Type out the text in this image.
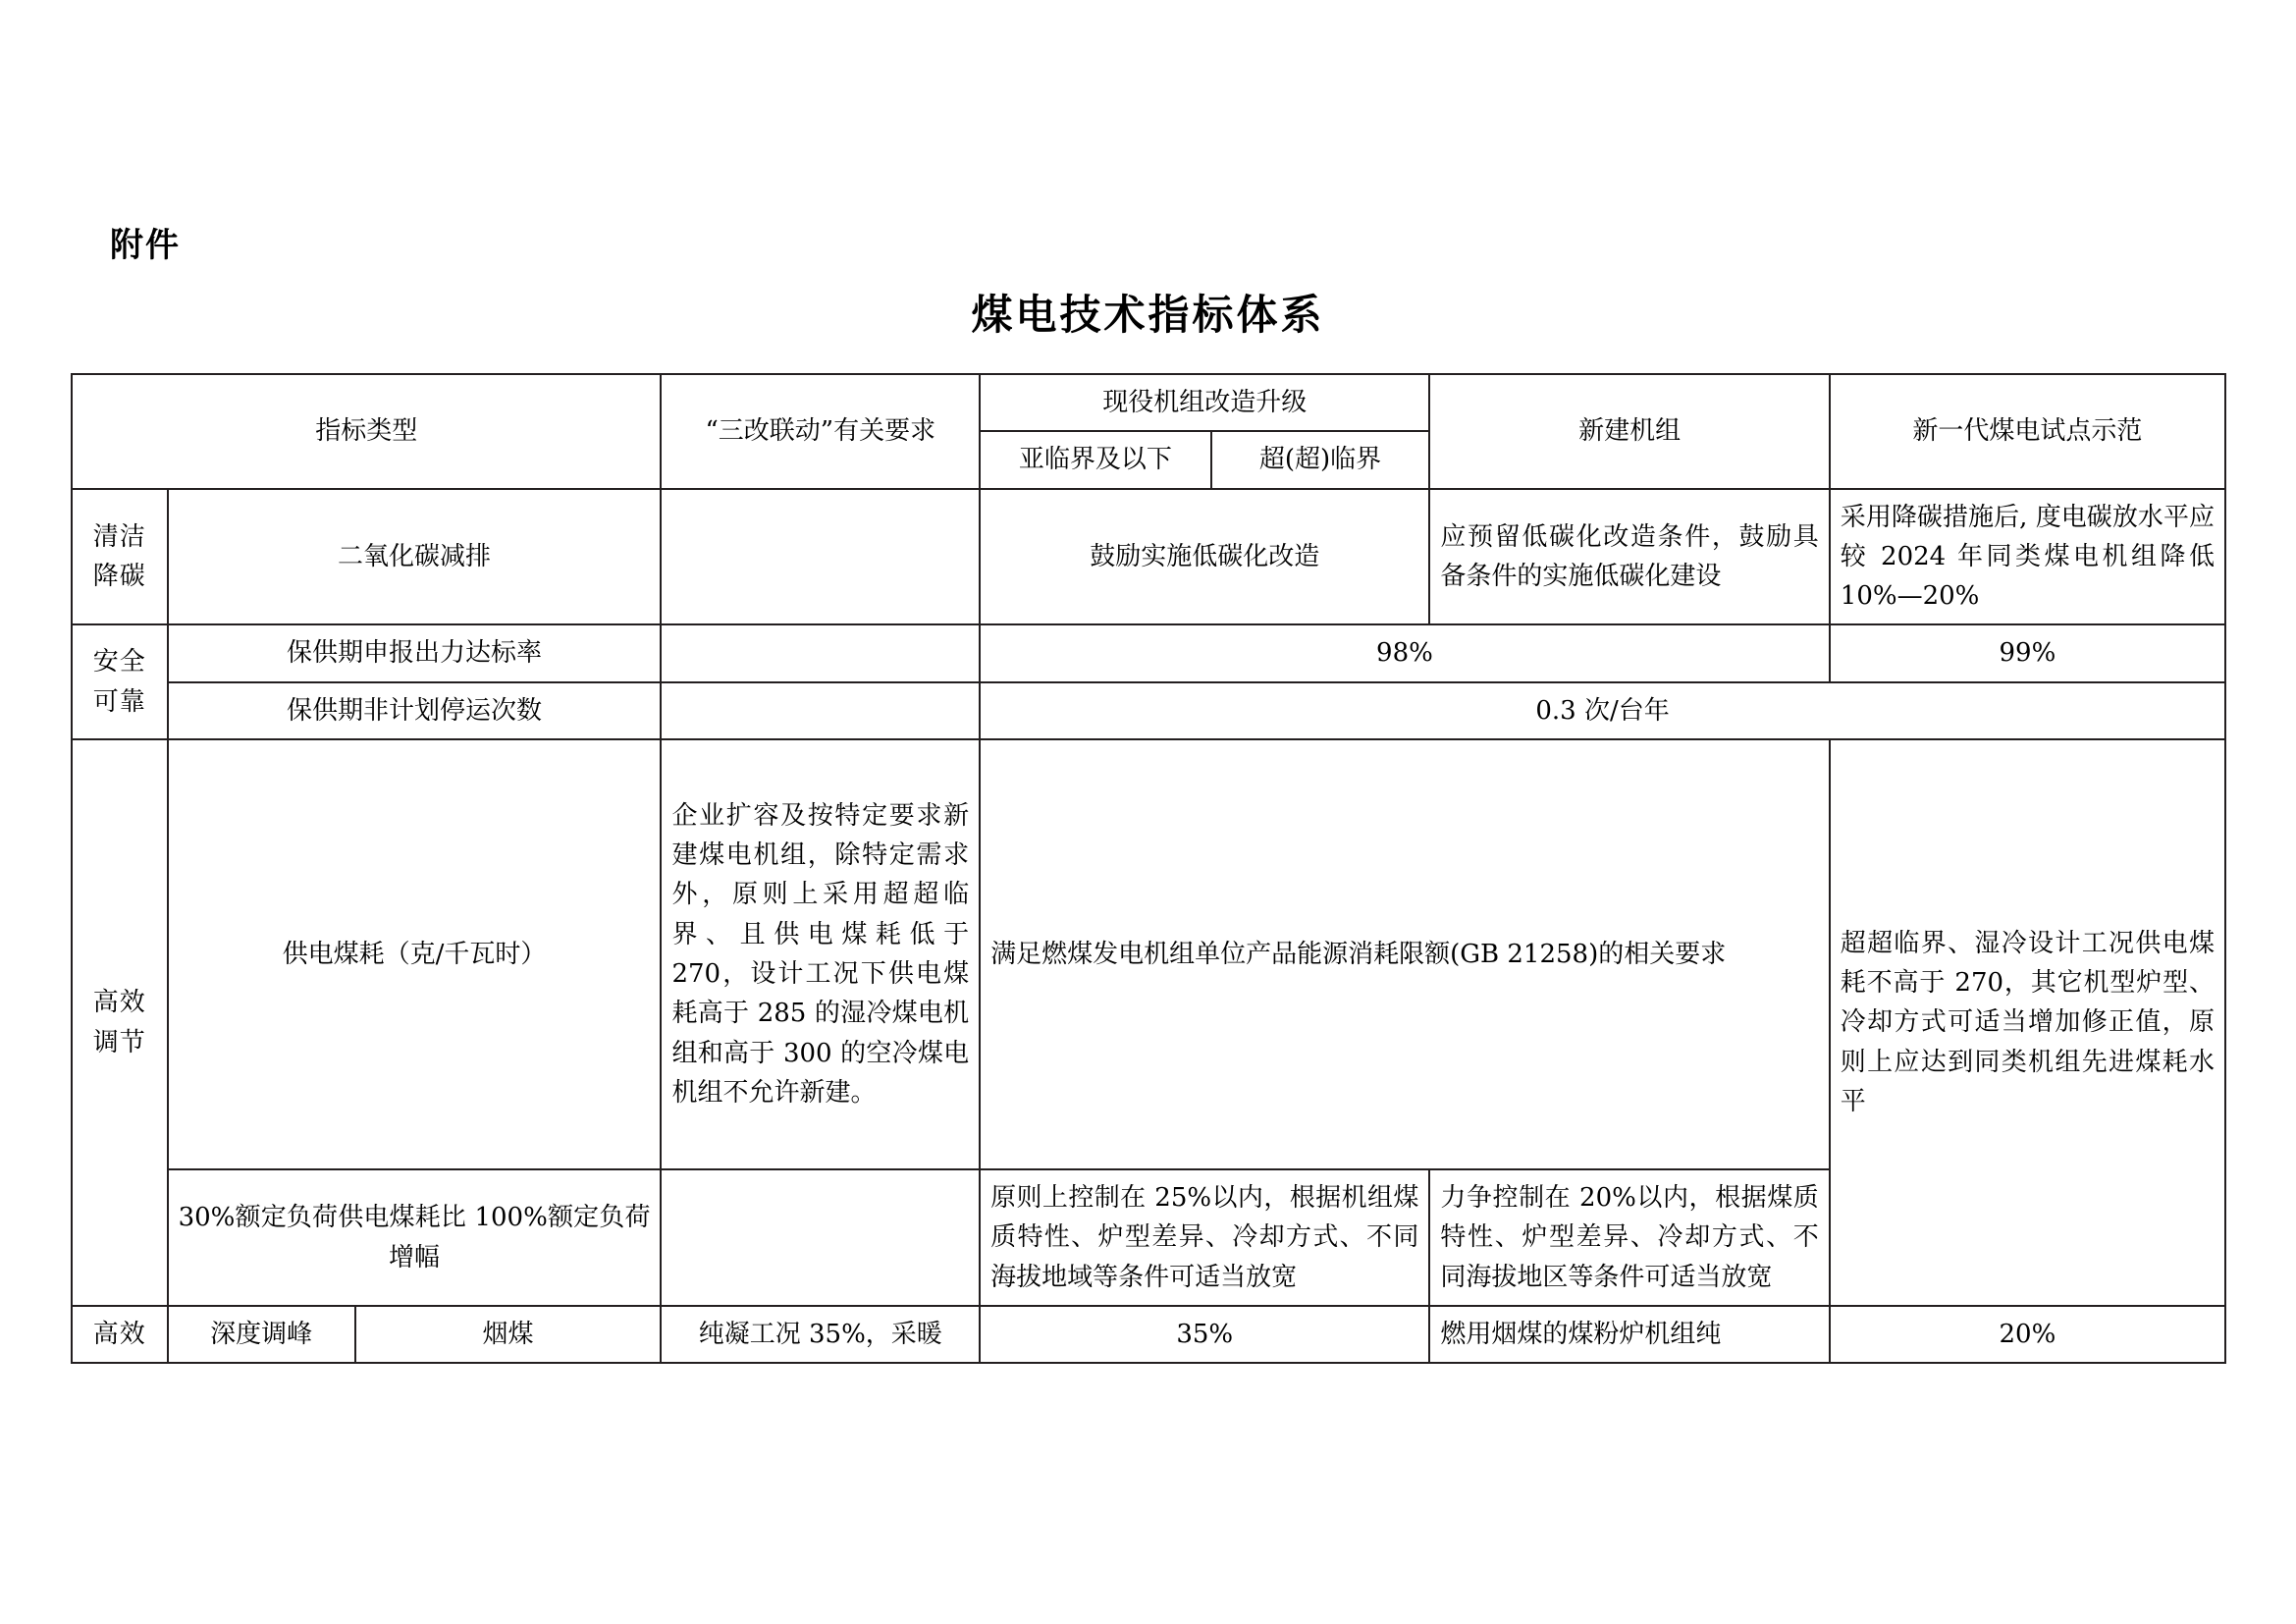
附件
煤电技术指标体系
指标类型			“三改联动”有关要求	现役机组改造升级		新建机组	新一代煤电试点示范
				亚临界及以下	超(超)临界		
清洁降碳	二氧化碳减排			鼓励实施低碳化改造		应预留低碳化改造条件，鼓励具备条件的实施低碳化建设	采用降碳措施后, 度电碳放水平应较 2024 年同类煤电机组降低 10%—20%
安全可靠	保供期申报出力达标率			98%			99%
	保供期非计划停运次数			0.3 次/台年			
高效调节	供电煤耗（克/千瓦时）		企业扩容及按特定要求新建煤电机组，除特定需求外，原则上采用超超临界、且供电煤耗低于 270，设计工况下供电煤耗高于 285 的湿冷煤电机组和高于 300 的空冷煤电机组不允许新建。	满足燃煤发电机组单位产品能源消耗限额(GB 21258)的相关要求			超超临界、湿冷设计工况供电煤耗不高于 270，其它机型炉型、冷却方式可适当增加修正值，原则上应达到同类机组先进煤耗水平
	30%额定负荷供电煤耗比 100%额定负荷增幅			原则上控制在 25%以内，根据机组煤质特性、炉型差异、冷却方式、不同海拔地域等条件可适当放宽		力争控制在 20%以内，根据煤质特性、炉型差异、冷却方式、不同海拔地区等条件可适当放宽	
高效	深度调峰	烟煤	纯凝工况 35%，采暖	35%		燃用烟煤的煤粉炉机组纯	20%
